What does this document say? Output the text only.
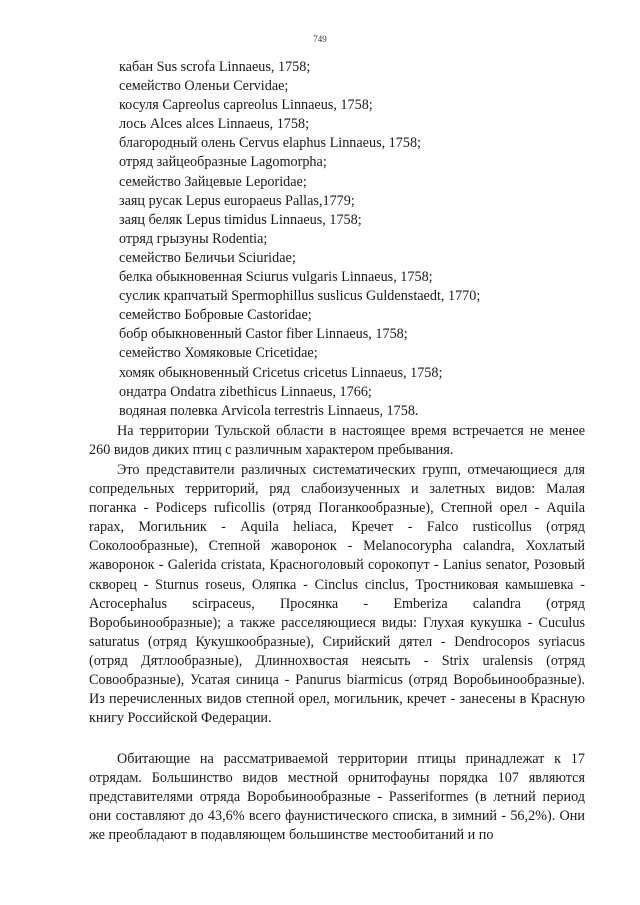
749
кабан Sus scrofa Linnaeus, 1758;
семейство Оленьи Cervidae;
косуля Capreolus capreolus Linnaeus, 1758;
лось Alces alces Linnaeus, 1758;
благородный олень Cervus elaphus Linnaeus, 1758;
отряд зайцеобразные Lagomorpha;
семейство Зайцевые Leporidae;
заяц русак Lepus europaeus Pallas,1779;
заяц беляк Lepus timidus Linnaeus, 1758;
отряд грызуны Rodentia;
семейство Беличьи Sciuridae;
белка обыкновенная Sciurus vulgaris Linnaeus, 1758;
суслик крапчатый Spermophillus suslicus Guldenstaedt, 1770;
семейство Бобровые Castoridae;
бобр обыкновенный Castor fiber Linnaeus, 1758;
семейство Хомяковые Cricetidae;
хомяк обыкновенный Cricetus cricetus Linnaeus, 1758;
ондатра Ondatra zibethicus Linnaeus, 1766;
водяная полевка Arvicola terrestris Linnaeus, 1758.

На территории Тульской области в настоящее время встречается не менее 260 видов диких птиц с различным характером пребывания.

Это представители различных систематических групп, отмечающиеся для сопредельных территорий, ряд слабоизученных и залетных видов: Малая поганка - Podiceps ruficollis (отряд Поганкообразные), Степной орел - Aquila rapax, Могильник - Aquila heliaca, Кречет - Falco rusticollus (отряд Соколообразные), Степной жаворонок - Melanocorypha calandra, Хохлатый жаворонок - Galerida cristata, Красноголовый сорокопут - Lanius senator, Розовый скворец - Sturnus roseus, Оляпка - Cinclus cinclus, Тростниковая камышевка - Acrocephalus scirpaceus, Просянка - Emberiza calandra (отряд Воробьинообразные); а также расселяющиеся виды: Глухая кукушка - Cuculus saturatus (отряд Кукушкообразные), Сирийский дятел - Dendrocopos syriacus (отряд Дятлообразные), Длиннохвостая неясыть - Strix uralensis (отряд Совообразные), Усатая синица - Panurus biarmicus (отряд Воробьинообразные). Из перечисленных видов степной орел, могильник, кречет - занесены в Красную книгу Российской Федерации.

Обитающие на рассматриваемой территории птицы принадлежат к 17 отрядам. Большинство видов местной орнитофауны порядка 107 являются представителями отряда Воробьинообразные - Passeriformes (в летний период они составляют до 43,6% всего фаунистического списка, в зимний - 56,2%). Они же преобладают в подавляющем большинстве местообитаний и по
